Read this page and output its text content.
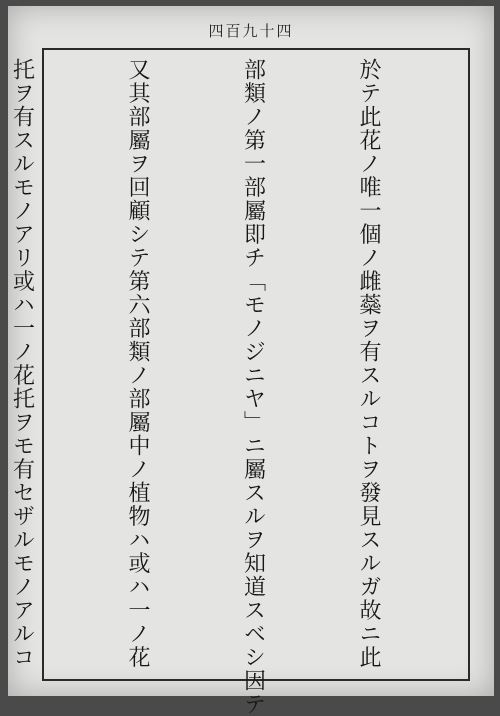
四百九十四

於テ此花ノ唯一個ノ雌蘂ヲ有スルコトヲ發見スルガ故ニ此

部類ノ第一部屬即チ「モノジニヤ」ニ屬スルヲ知道スベシ因テ

又其部屬ヲ回顧シテ第六部類ノ部屬中ノ植物ハ或ハ一ノ花

托ヲ有スルモノアリ或ハ一ノ花托ヲモ有セザルモノアルコ
